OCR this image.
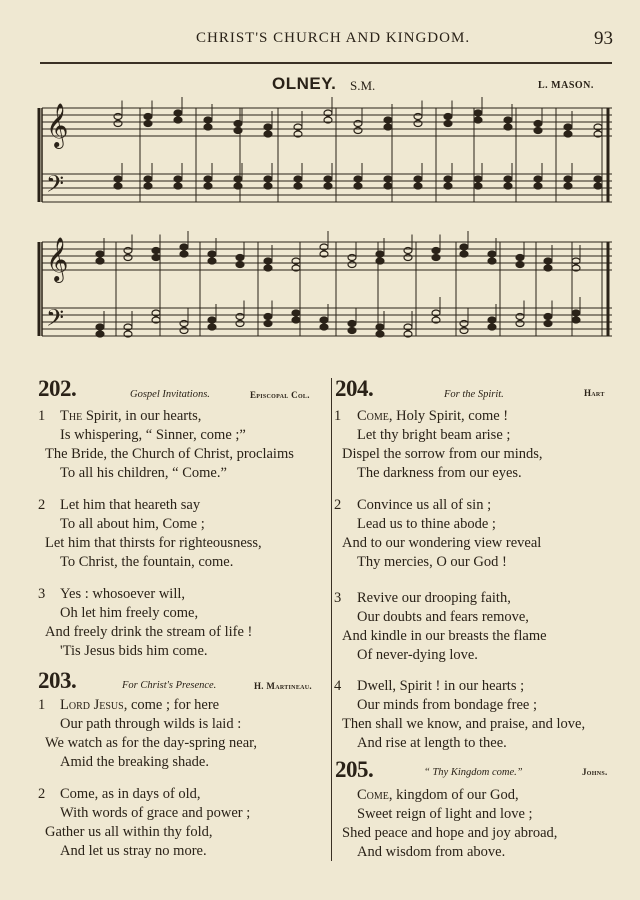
CHRIST'S CHURCH AND KINGDOM.	93
OLNEY. S.M.	L. MASON.
𝄞
𝄞
𝄢
𝄢
202.	Gospel Invitations.	Episcopal Col.
1 The Spirit, in our hearts,
Is whispering, “ Sinner, come ;”
The Bride, the Church of Christ, proclaims
To all his children, “ Come.”
2 Let him that heareth say
To all about him, Come ;
Let him that thirsts for righteousness,
To Christ, the fountain, come.
3 Yes : whosoever will,
Oh let him freely come,
And freely drink the stream of life !
'Tis Jesus bids him come.
203.	For Christ's Presence.	H. Martineau.
1 Lord Jesus, come ; for here
Our path through wilds is laid :
We watch as for the day-spring near,
Amid the breaking shade.
2 Come, as in days of old,
With words of grace and power ;
Gather us all within thy fold,
And let us stray no more.
204.	For the Spirit.	Hart
1 Come, Holy Spirit, come !
Let thy bright beam arise ;
Dispel the sorrow from our minds,
The darkness from our eyes.
2 Convince us all of sin ;
Lead us to thine abode ;
And to our wondering view reveal
Thy mercies, O our God !
3 Revive our drooping faith,
Our doubts and fears remove,
And kindle in our breasts the flame
Of never-dying love.
4 Dwell, Spirit ! in our hearts ;
Our minds from bondage free ;
Then shall we know, and praise, and love,
And rise at length to thee.
205.	“ Thy Kingdom come.”	Johns.
Come, kingdom of our God,
Sweet reign of light and love ;
Shed peace and hope and joy abroad,
And wisdom from above.
